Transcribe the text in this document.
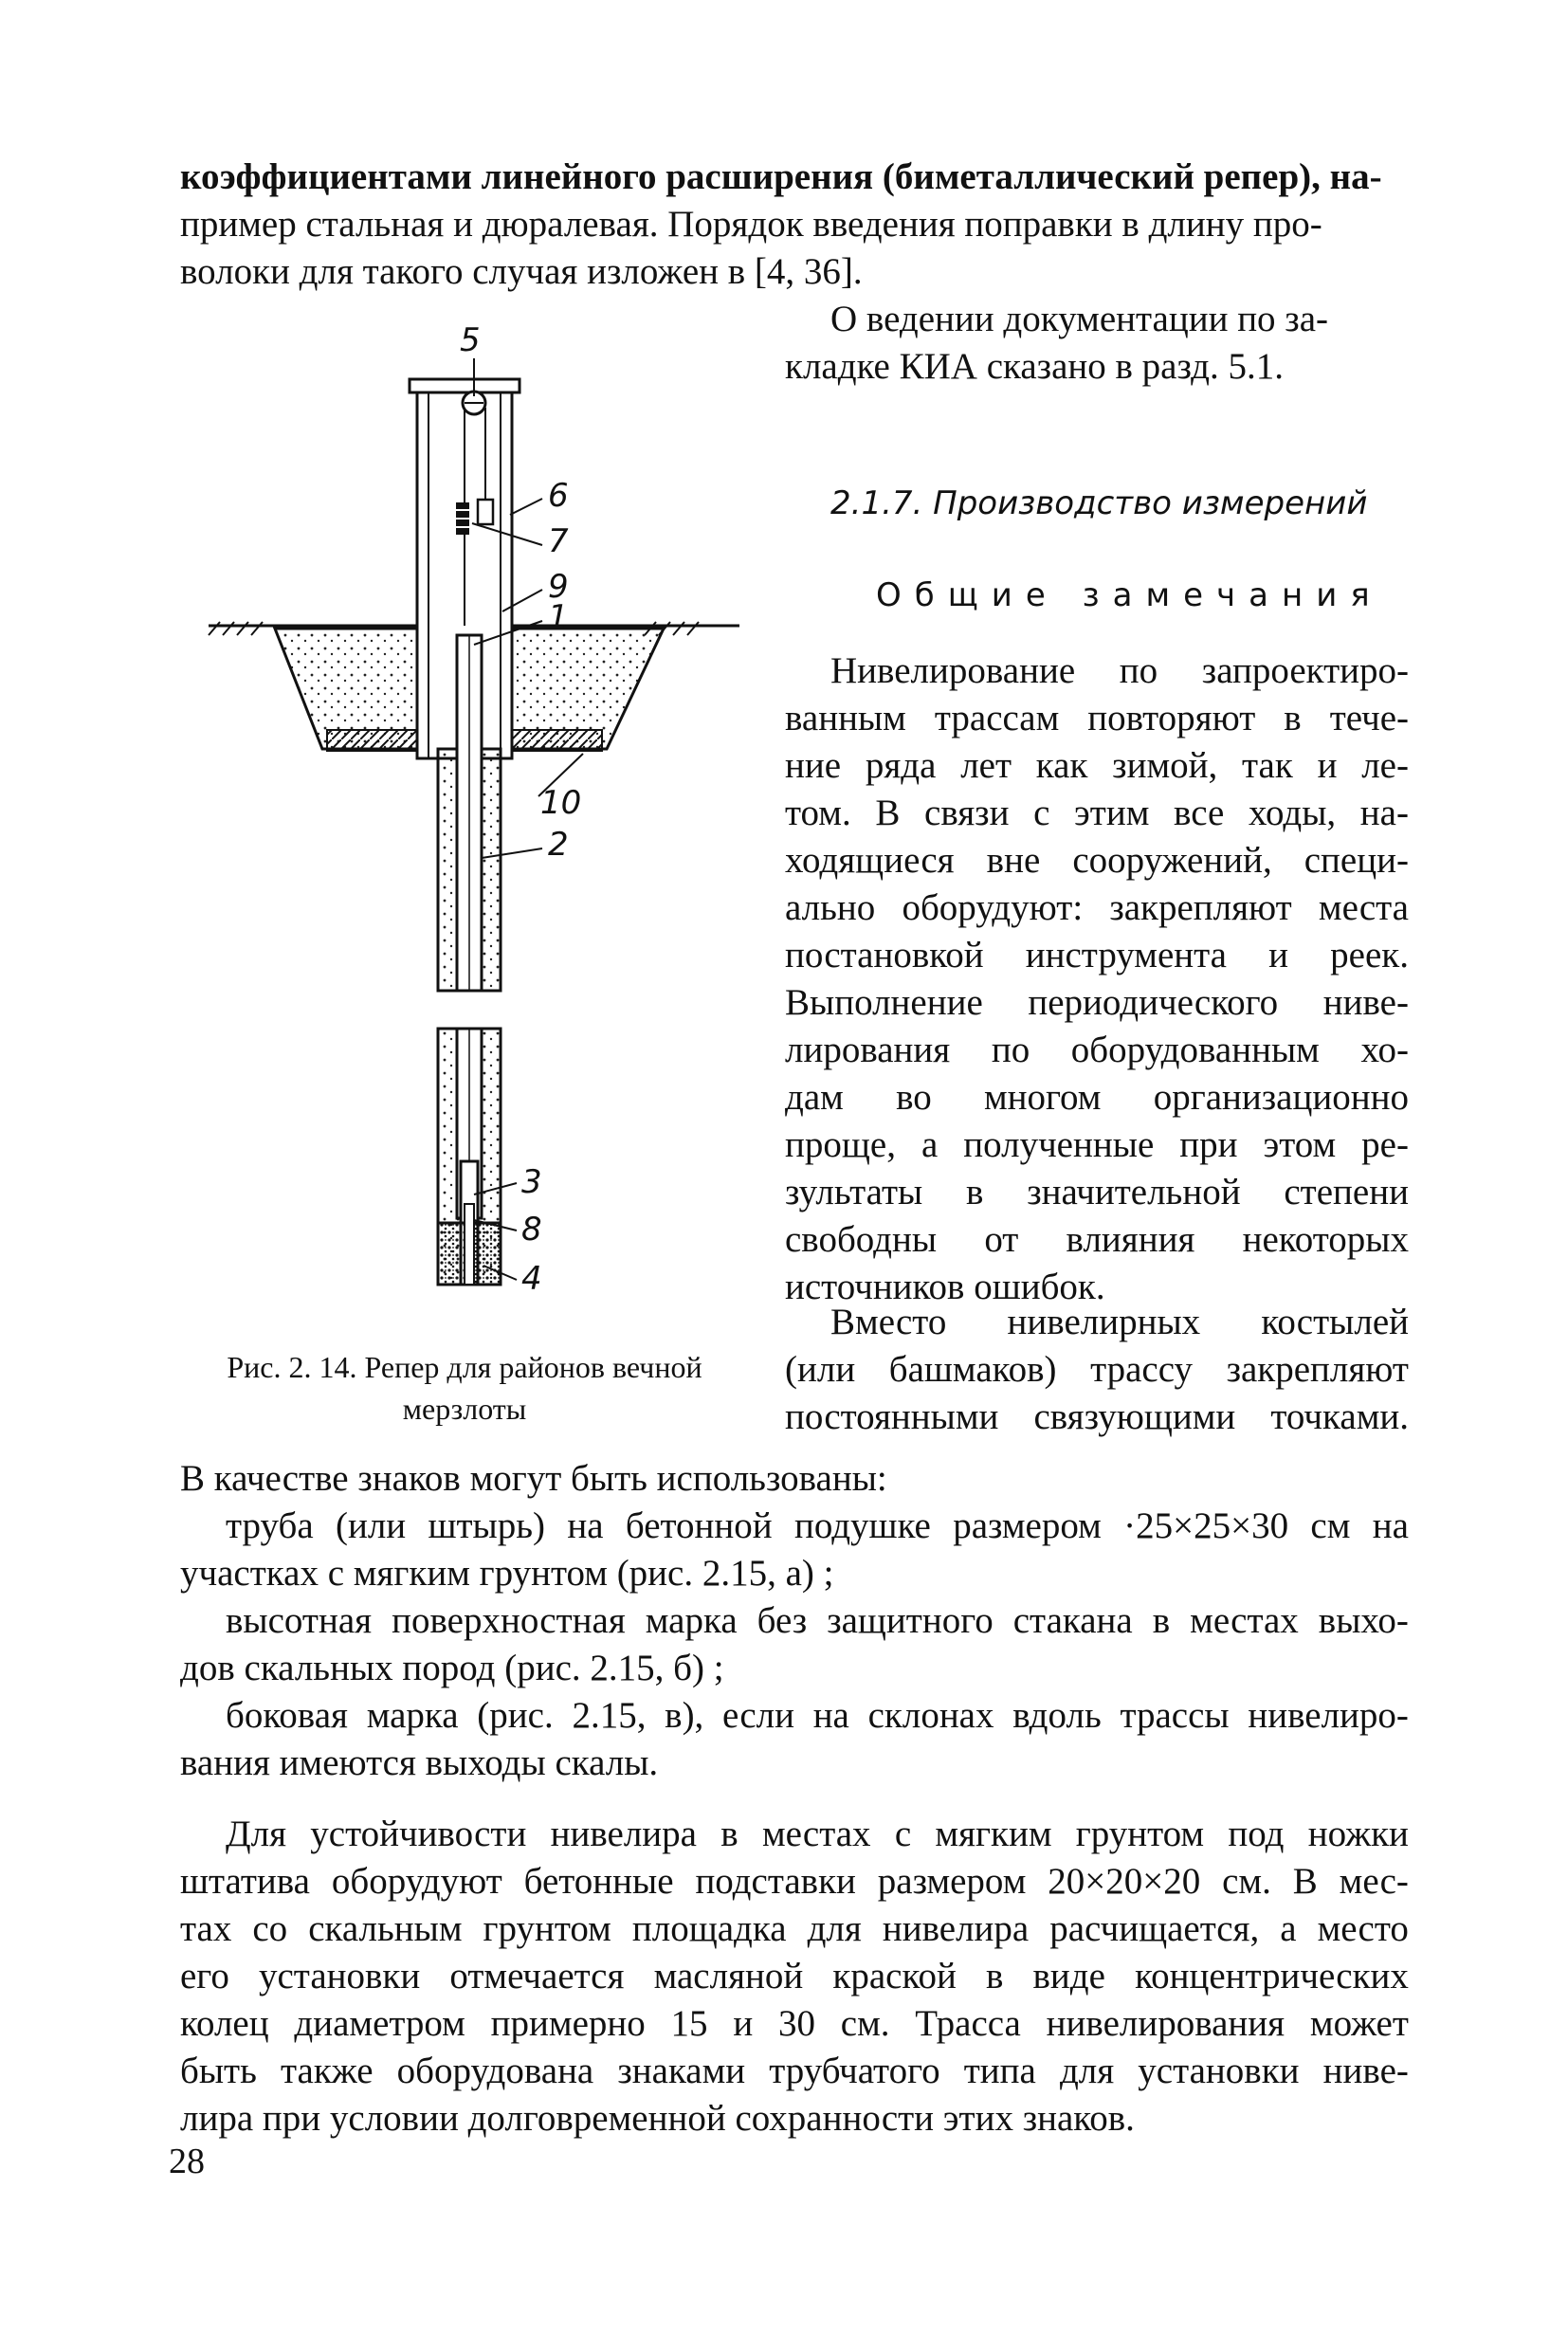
коэффициентами линейного расширения (биметаллический репер), на-
пример стальная и дюралевая. Порядок введения поправки в длину про-
волоки для такого случая изложен в [4, 36].
О ведении документации по за-
кладке КИА сказано в разд. 5.1.
2.1.7. Производство измерений
Общие замечания
5
6
7
9
1
10
2
3
8
4
Рис. 2. 14. Репер для районов вечной
мерзлоты
В качестве знаков могут быть использованы:
28
Нивелирование по запроектиро-
ванным трассам повторяют в тече-
ние ряда лет как зимой, так и ле-
том. В связи с этим все ходы, на-
ходящиеся вне сооружений, специ-
ально оборудуют: закрепляют места
постановкой инструмента и реек.
Выполнение периодического ниве-
лирования по оборудованным хо-
дам во многом организационно
проще, а полученные при этом ре-
зультаты в значительной степени
свободны от влияния некоторых
источников ошибок.
Вместо нивелирных костылей
(или башмаков) трассу закрепляют
постоянными связующими точками.
труба (или штырь) на бетонной подушке размером ·25×25×30 см на
участках с мягким грунтом (рис. 2.15, а) ;
высотная поверхностная марка без защитного стакана в местах выхо-
дов скальных пород (рис. 2.15, б) ;
боковая марка (рис. 2.15, в), если на склонах вдоль трассы нивелиро-
вания имеются выходы скалы.
Для устойчивости нивелира в местах с мягким грунтом под ножки
штатива оборудуют бетонные подставки размером 20×20×20 см. В мес-
тах со скальным грунтом площадка для нивелира расчищается, а место
его установки отмечается масляной краской в виде концентрических
колец диаметром примерно 15 и 30 см. Трасса нивелирования может
быть также оборудована знаками трубчатого типа для установки ниве-
лира при условии долговременной сохранности этих знаков.
